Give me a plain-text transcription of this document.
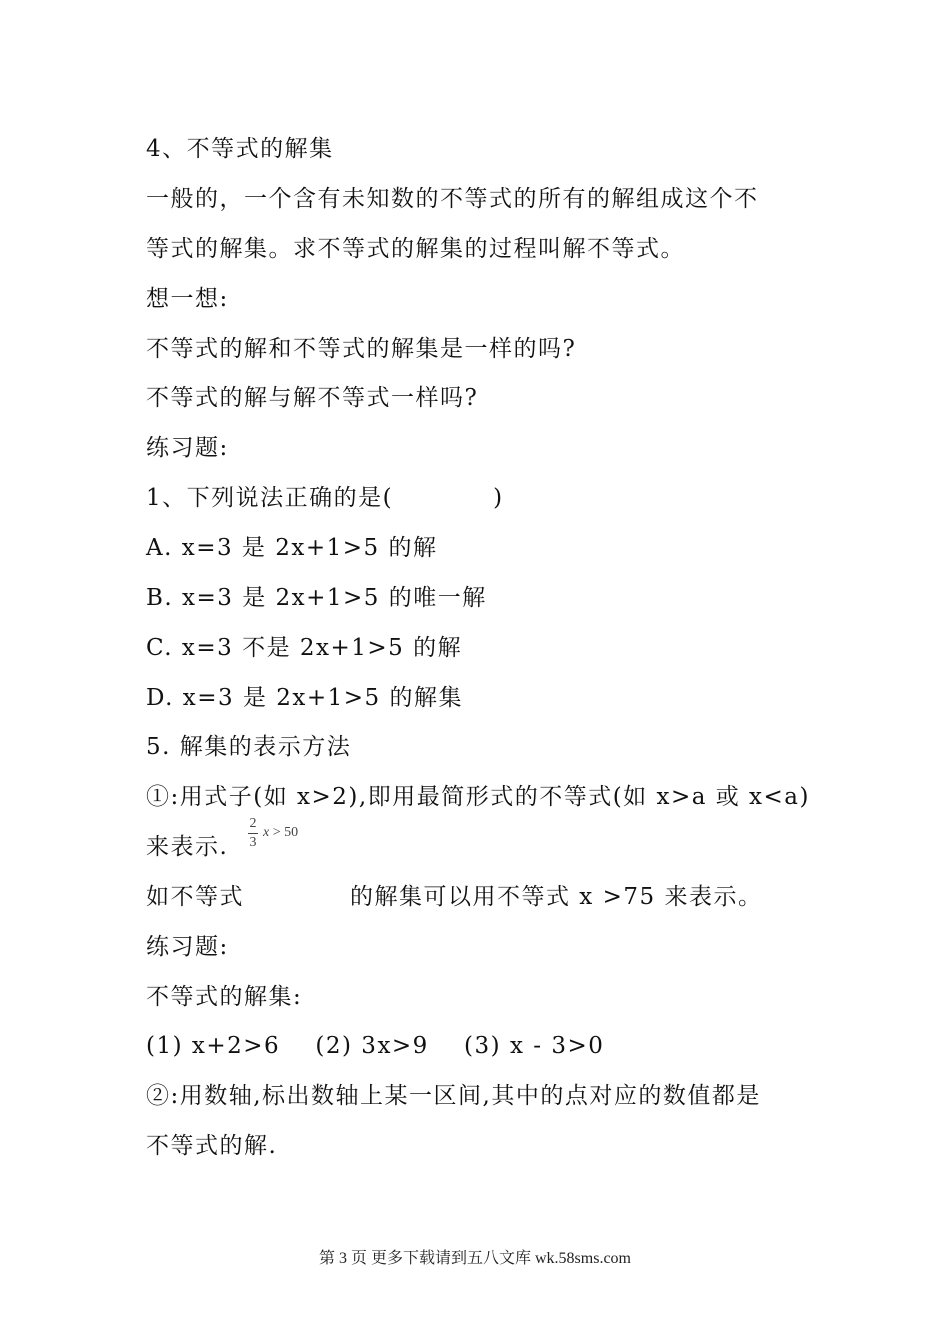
4、不等式的解集
一般的，一个含有未知数的不等式的所有的解组成这个不
等式的解集。求不等式的解集的过程叫解不等式。
想一想:
不等式的解和不等式的解集是一样的吗?
不等式的解与解不等式一样吗?
练习题:
1、下列说法正确的是(	)
A. x=3 是 2x+1>5 的解
B. x=3 是 2x+1>5 的唯一解
C. x=3 不是 2x+1>5 的解
D. x=3 是 2x+1>5 的解集
5. 解集的表示方法
①:用式子(如 x>2),即用最简形式的不等式(如 x>a 或 x<a)
来表示.
2
3
x > 50
如不等式	的解集可以用不等式 x >75 来表示。
练习题:
不等式的解集:
(1) x+2>6    (2) 3x>9    (3) x - 3>0
②:用数轴,标出数轴上某一区间,其中的点对应的数值都是
不等式的解.
第 3 页 更多下载请到五八文库 wk.58sms.com
